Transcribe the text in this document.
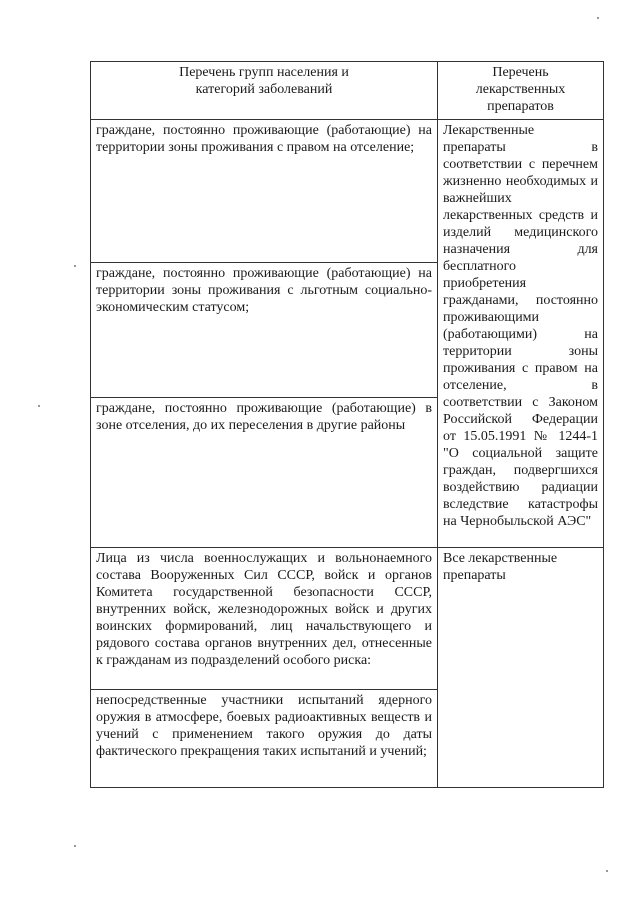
Перечень групп населения и
категорий заболеваний	Перечень
лекарственных
препаратов

граждане, постоянно проживающие (работающие) на территории зоны проживания с правом на отселение;	Лекарственные препараты в соответствии с перечнем жизненно необходимых и важнейших лекарственных средств и изделий медицинского назначения для бесплатного приобретения гражданами, постоянно проживающими (работающими) на территории зоны проживания с правом на отселение, в соответствии с Законом Российской Федерации от 15.05.1991 № 1244-1 "О социальной защите граждан, подвергшихся воздействию радиации вследствие катастрофы на Чернобыльской АЭС"
граждане, постоянно проживающие (работающие) на территории зоны проживания с льготным социально-экономическим статусом;	
граждане, постоянно проживающие (работающие) в зоне отселения, до их переселения в другие районы	
Лица из числа военнослужащих и вольнонаемного состава Вооруженных Сил СССР, войск и органов Комитета государственной безопасности СССР, внутренних войск, железнодорожных войск и других воинских формирований, лиц начальствующего и рядового состава органов внутренних дел, отнесенные к гражданам из подразделений особого риска:	Все лекарственные препараты
непосредственные участники испытаний ядерного оружия в атмосфере, боевых радиоактивных веществ и учений с применением такого оружия до даты фактического прекращения таких испытаний и учений;	
